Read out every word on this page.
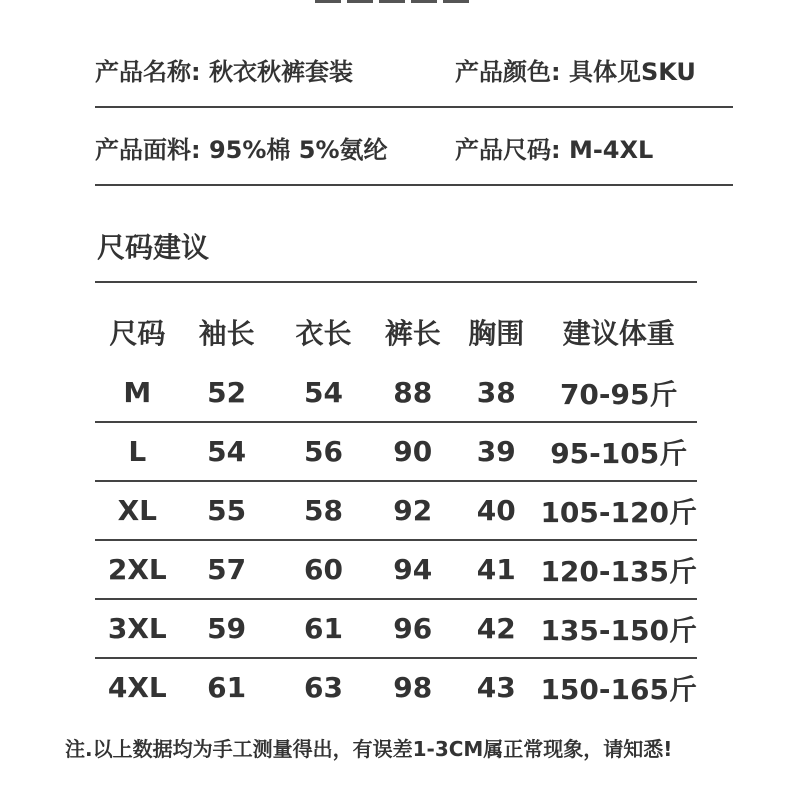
产品名称: 秋衣秋裤套装	产品颜色: 具体见SKU
产品面料: 95%棉 5%氨纶	产品尺码: M-4XL
尺码建议
尺码	袖长	衣长	裤长	胸围	建议体重
M	52	54	88	38	70-95斤
L	54	56	90	39	95-105斤
XL	55	58	92	40	105-120斤
2XL	57	60	94	41	120-135斤
3XL	59	61	96	42	135-150斤
4XL	61	63	98	43	150-165斤
注.以上数据均为手工测量得出，有误差1-3CM属正常现象，请知悉!
